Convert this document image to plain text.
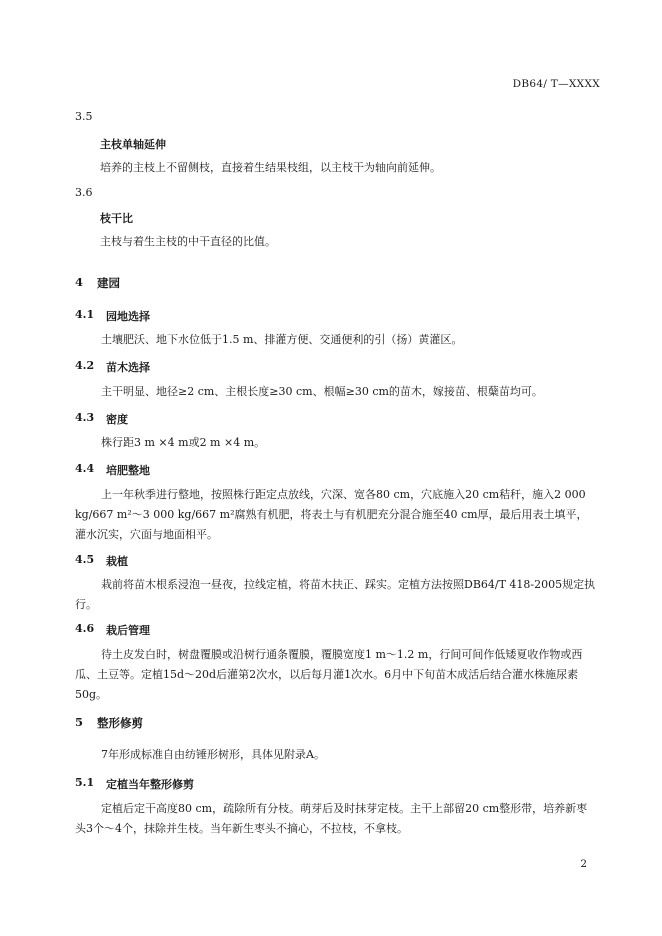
DB64/ T—XXXX
3.5
主枝单轴延伸
培养的主枝上不留侧枝，直接着生结果枝组，以主枝干为轴向前延伸。
3.6
枝干比
主枝与着生主枝的中干直径的比值。
4 建园
4.1 园地选择
土壤肥沃、地下水位低于1.5 m、排灌方便、交通便利的引（扬）黄灌区。
4.2 苗木选择
主干明显、地径≥2 cm、主根长度≥30 cm、根幅≥30 cm的苗木，嫁接苗、根蘖苗均可。
4.3 密度
株行距3 m ×4 m或2 m ×4 m。
4.4 培肥整地
上一年秋季进行整地，按照株行距定点放线，穴深、宽各80 cm，穴底施入20 cm秸秆，施入2 000 kg/667 m²～3 000 kg/667 m²腐熟有机肥，将表土与有机肥充分混合施至40 cm厚，最后用表土填平，灌水沉实，穴面与地面相平。
4.5 栽植
栽前将苗木根系浸泡一昼夜，拉线定植，将苗木扶正、踩实。定植方法按照DB64/T 418-2005规定执行。
4.6 栽后管理
待土皮发白时，树盘覆膜或沿树行通条覆膜，覆膜宽度1 m～1.2 m，行间可间作低矮夏收作物或西瓜、土豆等。定植15d～20d后灌第2次水，以后每月灌1次水。6月中下旬苗木成活后结合灌水株施尿素50g。
5 整形修剪
7年形成标准自由纺锤形树形，具体见附录A。
5.1 定植当年整形修剪
定植后定干高度80 cm，疏除所有分枝。萌芽后及时抹芽定枝。主干上部留20 cm整形带，培养新枣头3个～4个，抹除并生枝。当年新生枣头不摘心，不拉枝，不拿枝。
2
